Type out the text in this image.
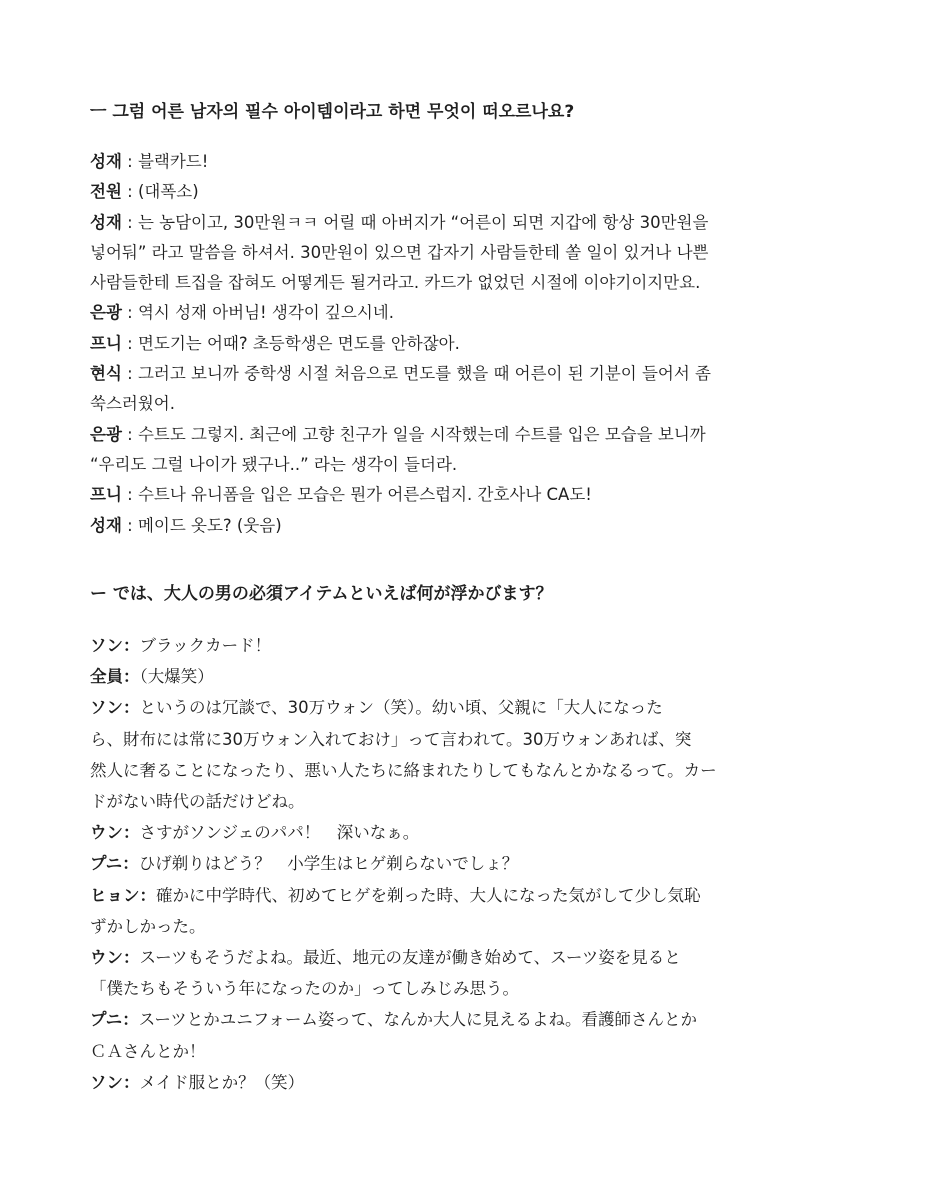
ㅡ 그럼 어른 남자의 필수 아이템이라고 하면 무엇이 떠오르나요?

성재 : 블랙카드!

전원 : (대폭소)

성재 : 는 농담이고, 30만원ㅋㅋ 어릴 때 아버지가 “어른이 되면 지갑에 항상 30만원을
넣어둬” 라고 말씀을 하셔서. 30만원이 있으면 갑자기 사람들한테 쏠 일이 있거나 나쁜
사람들한테 트집을 잡혀도 어떻게든 될거라고. 카드가 없었던 시절에 이야기이지만요.

은광 : 역시 성재 아버님! 생각이 깊으시네.

프니 : 면도기는 어때? 초등학생은 면도를 안하잖아.

현식 : 그러고 보니까 중학생 시절 처음으로 면도를 했을 때 어른이 된 기분이 들어서 좀
쑥스러웠어.

은광 : 수트도 그렇지. 최근에 고향 친구가 일을 시작했는데 수트를 입은 모습을 보니까
“우리도 그럴 나이가 됐구나..” 라는 생각이 들더라.

프니 : 수트나 유니폼을 입은 모습은 뭔가 어른스럽지. 간호사나 CA도!

성재 : 메이드 옷도? (웃음)

ー では、大人の男の必須アイテムといえば何が浮かびます？

ソン：ブラックカード！

全員：（大爆笑）

ソン：というのは冗談で、30万ウォン（笑）。幼い頃、父親に「大人になった
ら、財布には常に30万ウォン入れておけ」って言われて。30万ウォンあれば、突
然人に奢ることになったり、悪い人たちに絡まれたりしてもなんとかなるって。カー
ドがない時代の話だけどね。

ウン：さすがソンジェのパパ！　深いなぁ。

プニ：ひげ剃りはどう？　小学生はヒゲ剃らないでしょ？

ヒョン：確かに中学時代、初めてヒゲを剃った時、大人になった気がして少し気恥
ずかしかった。

ウン：スーツもそうだよね。最近、地元の友達が働き始めて、スーツ姿を見ると
「僕たちもそういう年になったのか」ってしみじみ思う。

プニ：スーツとかユニフォーム姿って、なんか大人に見えるよね。看護師さんとか
ＣＡさんとか！

ソン：メイド服とか？（笑）
